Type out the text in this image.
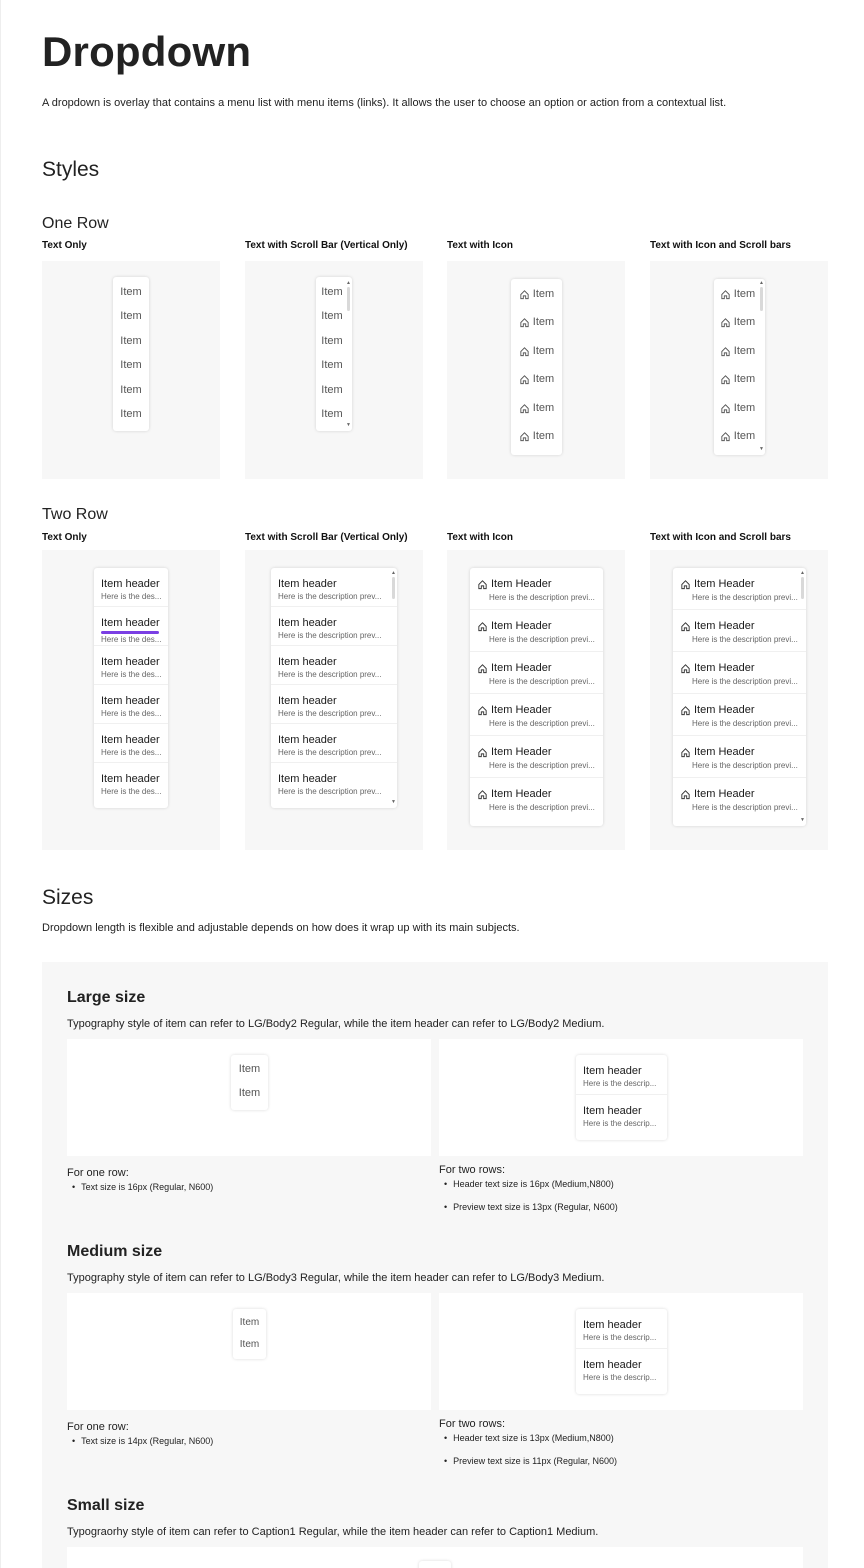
Dropdown
A dropdown is overlay that contains a menu list with menu items (links). It allows the user to choose an option or action from a contextual list.
Styles
One Row
Text Only	Text with Scroll Bar (Vertical Only)	Text with Icon	Text with Icon and Scroll bars
Item
Item
Item
Item
Item
Item
Item
Item
Item
Item
Item
Item
▲
▼
Item
Item
Item
Item
Item
Item
Item
Item
Item
Item
Item
Item
▲
▼
Two Row
Text Only	Text with Scroll Bar (Vertical Only)	Text with Icon	Text with Icon and Scroll bars
Item header
Here is the des...
Item header
Here is the des...
Item header
Here is the des...
Item header
Here is the des...
Item header
Here is the des...
Item header
Here is the des...
Item header
Here is the description prev...
Item header
Here is the description prev...
Item header
Here is the description prev...
Item header
Here is the description prev...
Item header
Here is the description prev...
Item header
Here is the description prev...
▲
▼
Item Header
Here is the description previ...
Item Header
Here is the description previ...
Item Header
Here is the description previ...
Item Header
Here is the description previ...
Item Header
Here is the description previ...
Item Header
Here is the description previ...
Item Header
Here is the description previ...
Item Header
Here is the description previ...
Item Header
Here is the description previ...
Item Header
Here is the description previ...
Item Header
Here is the description previ...
Item Header
Here is the description previ...
▲
▼
Sizes
Dropdown length is flexible and adjustable depends on how does it wrap up with its main subjects.
Large size
Typography style of item can refer to LG/Body2 Regular, while the item header can refer to LG/Body2 Medium.
Item
Item
Item header
Here is the descrip...
Item header
Here is the descrip...
For one row:
• Text size is 16px (Regular, N600)
For two rows:
• Header text size is 16px (Medium,N800)
• Preview text size is 13px (Regular, N600)
Medium size
Typography style of item can refer to LG/Body3 Regular, while the item header can refer to LG/Body3 Medium.
Item
Item
Item header
Here is the descrip...
Item header
Here is the descrip...
For one row:
• Text size is 14px (Regular, N600)
For two rows:
• Header text size is 13px (Medium,N800)
• Preview text size is 11px (Regular, N600)
Small size
Typograorhy style of item can refer to Caption1 Regular, while the item header can refer to Caption1 Medium.
